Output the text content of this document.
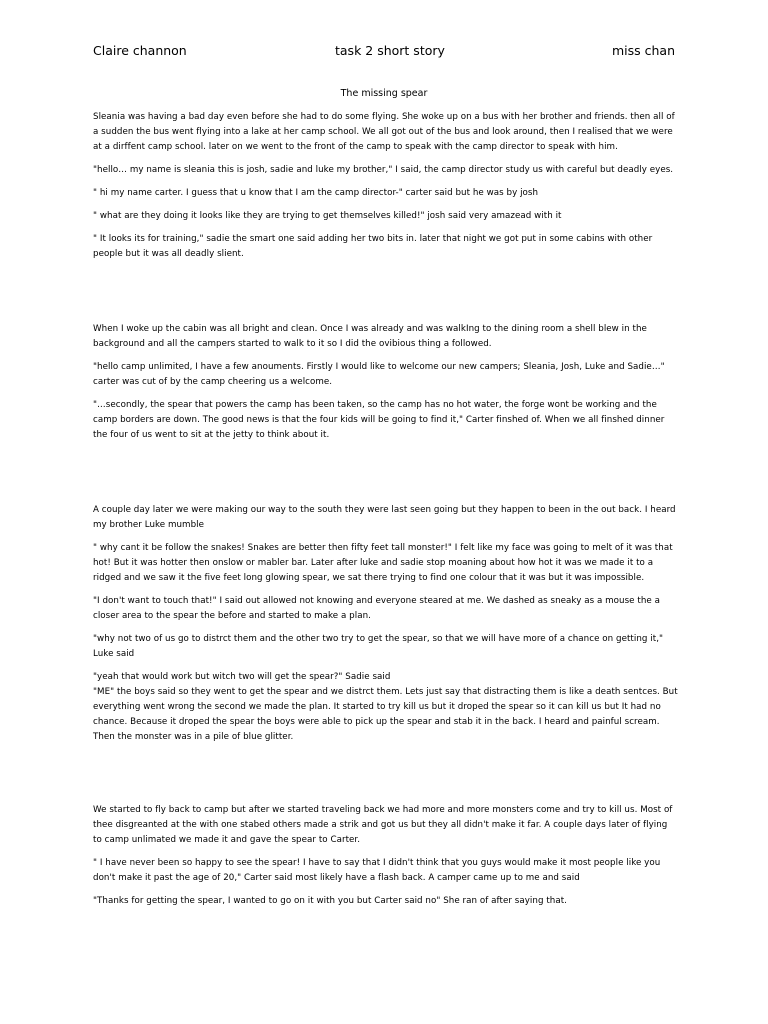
Claire channon	task 2 short story	miss chan
The missing spear

Sleania was having a bad day even before she had to do some flying. She woke up on a bus with her brother and friends. then all of a sudden the bus went flying into a lake at her camp school. We all got out of the bus and look around, then I realised that we were at a dirffent camp school. later on we went to the front of the camp to speak with the camp director to speak with him.

"hello… my name is sleania this is josh, sadie and luke my brother," I said, the camp director study us with careful but deadly eyes.

" hi my name carter. I guess that u know that I am the camp director-" carter said but he was by josh

" what are they doing it looks like they are trying to get themselves killed!" josh said very amazead with it

" It looks its for training," sadie the smart one said adding her two bits in. later that night we got put in some cabins with other people but it was all deadly slient.

When I woke up the cabin was all bright and clean. Once I was already and was walkIng to the dining room a shell blew in the background and all the campers started to walk to it so I did the ovibious thing a followed.

"hello camp unlimited, I have a few anouments. Firstly I would like to welcome our new campers; Sleania, Josh, Luke and Sadie…" carter was cut of by the camp cheering us a welcome.

"…secondly, the spear that powers the camp has been taken, so the camp has no hot water, the forge wont be working and the camp borders are down. The good news is that the four kids will be going to find it," Carter finshed of. When we all finshed dinner the four of us went to sit at the jetty to think about it.

A couple day later we were making our way to the south they were last seen going but they happen to been in the out back. I heard my brother Luke mumble

" why cant it be follow the snakes! Snakes are better then fifty feet tall monster!" I felt like my face was going to melt of it was that hot! But it was hotter then onslow or mabler bar. Later after luke and sadie stop moaning about how hot it was we made it to a ridged and we saw it the five feet long glowing spear, we sat there trying to find one colour that it was but it was impossible.

"I don't want to touch that!" I said out allowed not knowing and everyone steared at me. We dashed as sneaky as a mouse the a closer area to the spear the before and started to make a plan.

"why not two of us go to distrct them and the other two try to get the spear, so that we will have more of a chance on getting it," Luke said

"yeah that would work but witch two will get the spear?" Sadie said

"ME" the boys said so they went to get the spear and we distrct them. Lets just say that distracting them is like a death sentces. But everything went wrong the second we made the plan. It started to try kill us but it droped the spear so it can kill us but It had no chance. Because it droped the spear the boys were able to pick up the spear and stab it in the back. I heard and painful scream. Then the monster was in a pile of blue glitter.

We started to fly back to camp but after we started traveling back we had more and more monsters come and try to kill us. Most of thee disgreanted at the with one stabed others made a strik and got us but they all didn't make it far. A couple days later of flying to camp unlimated we made it and gave the spear to Carter.

" I have never been so happy to see the spear! I have to say that I didn't think that you guys would make it most people like you don't make it past the age of 20," Carter said most likely have a flash back. A camper came up to me and said

"Thanks for getting the spear, I wanted to go on it with you but Carter said no" She ran of after saying that.
